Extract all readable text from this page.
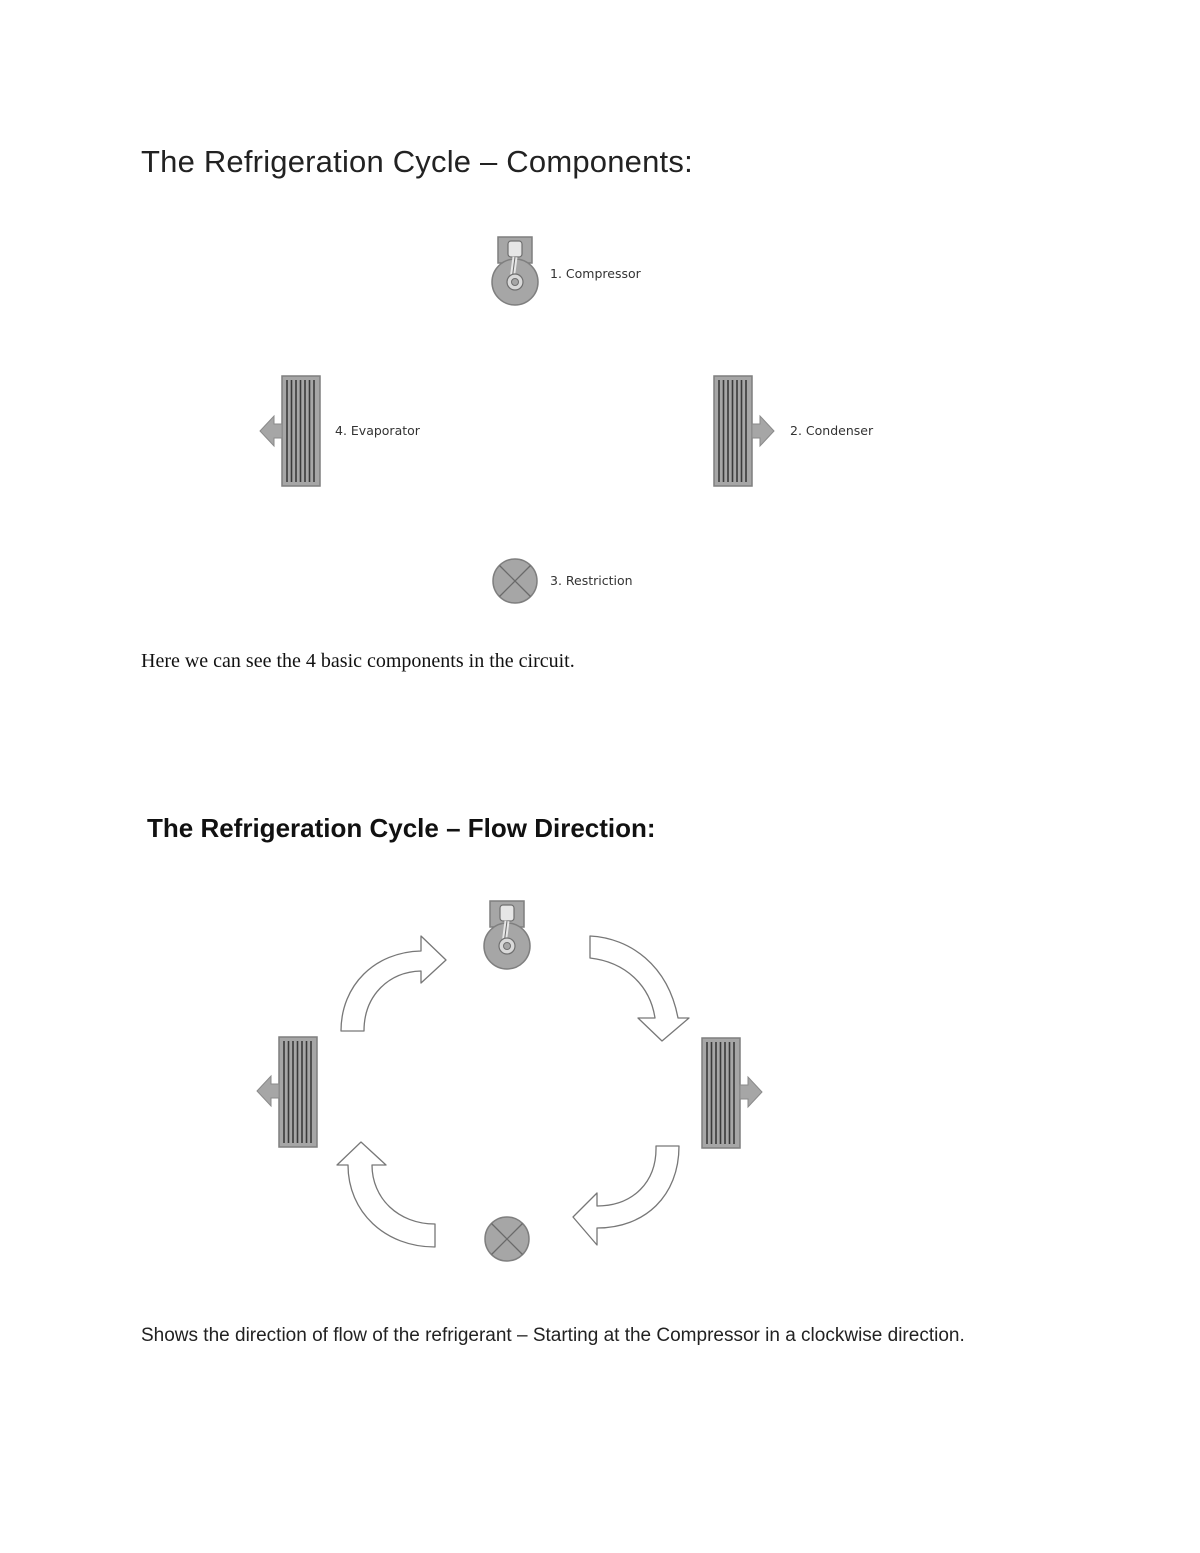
The Refrigeration Cycle – Components:
1. Compressor
2. Condenser
4. Evaporator
3. Restriction
Here we can see the 4 basic components in the circuit.
The Refrigeration Cycle – Flow Direction:
Shows the direction of flow of the refrigerant – Starting at the Compressor in a clockwise direction.
